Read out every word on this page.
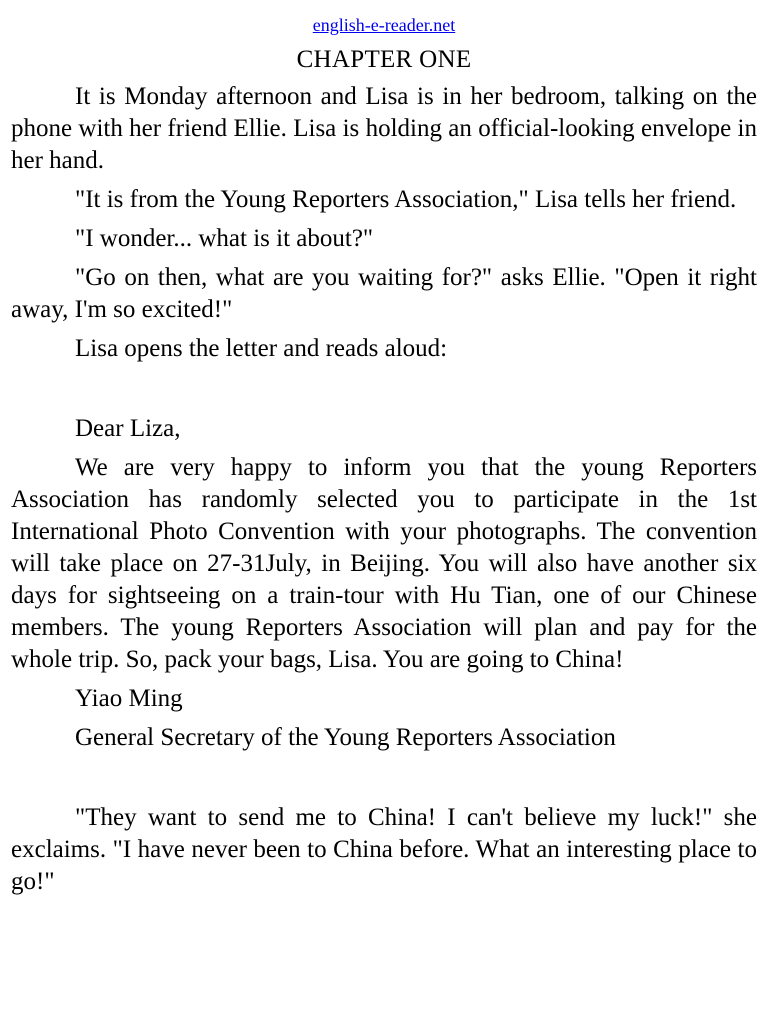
english-e-reader.net
CHAPTER ONE

It is Monday afternoon and Lisa is in her bedroom, talking on the phone with her friend Ellie. Lisa is holding an official-looking envelope in her hand.

"It is from the Young Reporters Association," Lisa tells her friend.

"I wonder... what is it about?"

"Go on then, what are you waiting for?" asks Ellie. "Open it right away, I'm so excited!"

Lisa opens the letter and reads aloud:

Dear Liza,

We are very happy to inform you that the young Reporters Association has randomly selected you to participate in the 1st International Photo Convention with your photographs. The convention will take place on 27-31July, in Beijing. You will also have another six days for sightseeing on a train-tour with Hu Tian, one of our Chinese members. The young Reporters Association will plan and pay for the whole trip. So, pack your bags, Lisa. You are going to China!

Yiao Ming

General Secretary of the Young Reporters Association

"They want to send me to China! I can't believe my luck!" she exclaims. "I have never been to China before. What an interesting place to go!"
